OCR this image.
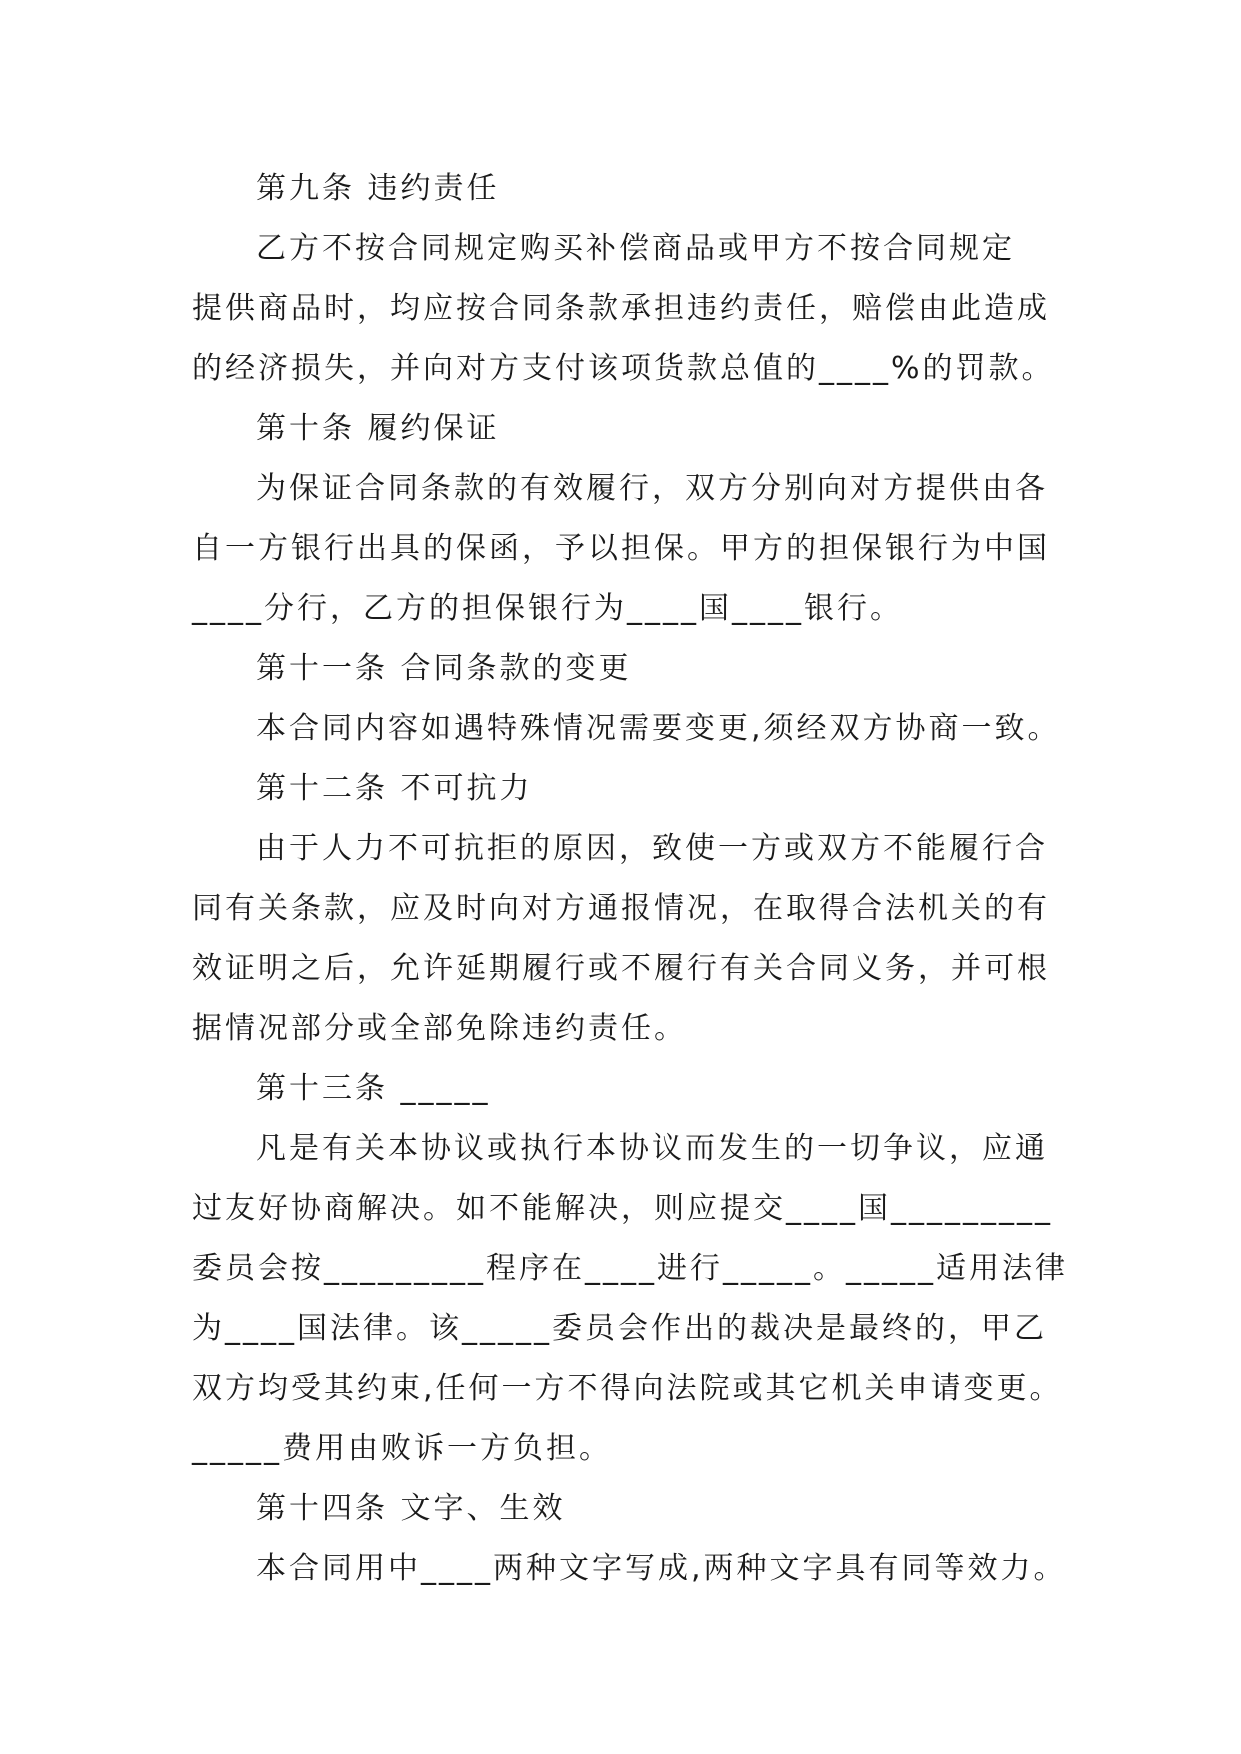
第九条 违约责任
乙方不按合同规定购买补偿商品或甲方不按合同规定
提供商品时，均应按合同条款承担违约责任，赔偿由此造成
的经济损失，并向对方支付该项货款总值的____%的罚款。
第十条 履约保证
为保证合同条款的有效履行，双方分别向对方提供由各
自一方银行出具的保函，予以担保。甲方的担保银行为中国
____分行，乙方的担保银行为____国____银行。
第十一条 合同条款的变更
本合同内容如遇特殊情况需要变更,须经双方协商一致。
第十二条 不可抗力
由于人力不可抗拒的原因，致使一方或双方不能履行合
同有关条款，应及时向对方通报情况，在取得合法机关的有
效证明之后，允许延期履行或不履行有关合同义务，并可根
据情况部分或全部免除违约责任。
第十三条 _____
凡是有关本协议或执行本协议而发生的一切争议，应通
过友好协商解决。如不能解决，则应提交____国_________
委员会按_________程序在____进行_____。_____适用法律
为____国法律。该_____委员会作出的裁决是最终的，甲乙
双方均受其约束,任何一方不得向法院或其它机关申请变更。
_____费用由败诉一方负担。
第十四条 文字、生效
本合同用中____两种文字写成,两种文字具有同等效力。
